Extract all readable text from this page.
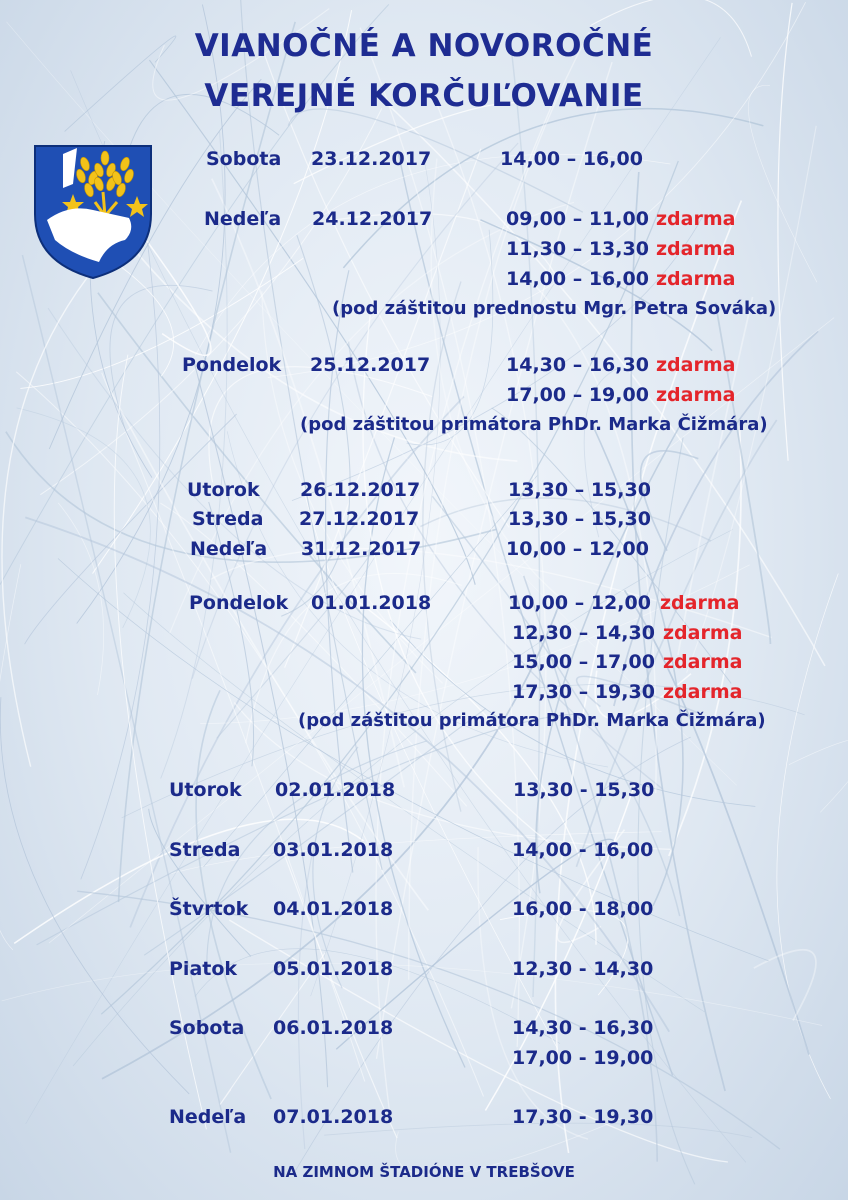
VIANOČNÉ A NOVOROČNÉ
VEREJNÉ KORČUĽOVANIE
Sobota 23.12.2017	14,00 – 16,00
Nedeľa 24.12.2017	09,00 – 11,00 zdarma
11,30 – 13,30 zdarma
14,00 – 16,00 zdarma
(pod záštitou prednostu Mgr. Petra Sováka)
Pondelok 25.12.2017	14,30 – 16,30 zdarma
17,00 – 19,00 zdarma
(pod záštitou primátora PhDr. Marka Čižmára)
Utorok 26.12.2017	13,30 – 15,30
Streda 27.12.2017	13,30 – 15,30
Nedeľa 31.12.2017	10,00 – 12,00
Pondelok 01.01.2018	10,00 – 12,00 zdarma
12,30 – 14,30 zdarma
15,00 – 17,00 zdarma
17,30 – 19,30 zdarma
(pod záštitou primátora PhDr. Marka Čižmára)
Utorok 02.01.2018	13,30 - 15,30
Streda 03.01.2018	14,00 - 16,00
Štvrtok 04.01.2018	16,00 - 18,00
Piatok 05.01.2018	12,30 - 14,30
Sobota 06.01.2018	14,30 - 16,30
17,00 - 19,00
Nedeľa 07.01.2018	17,30 - 19,30
NA ZIMNOM ŠTADIÓNE V TREBŠOVE
